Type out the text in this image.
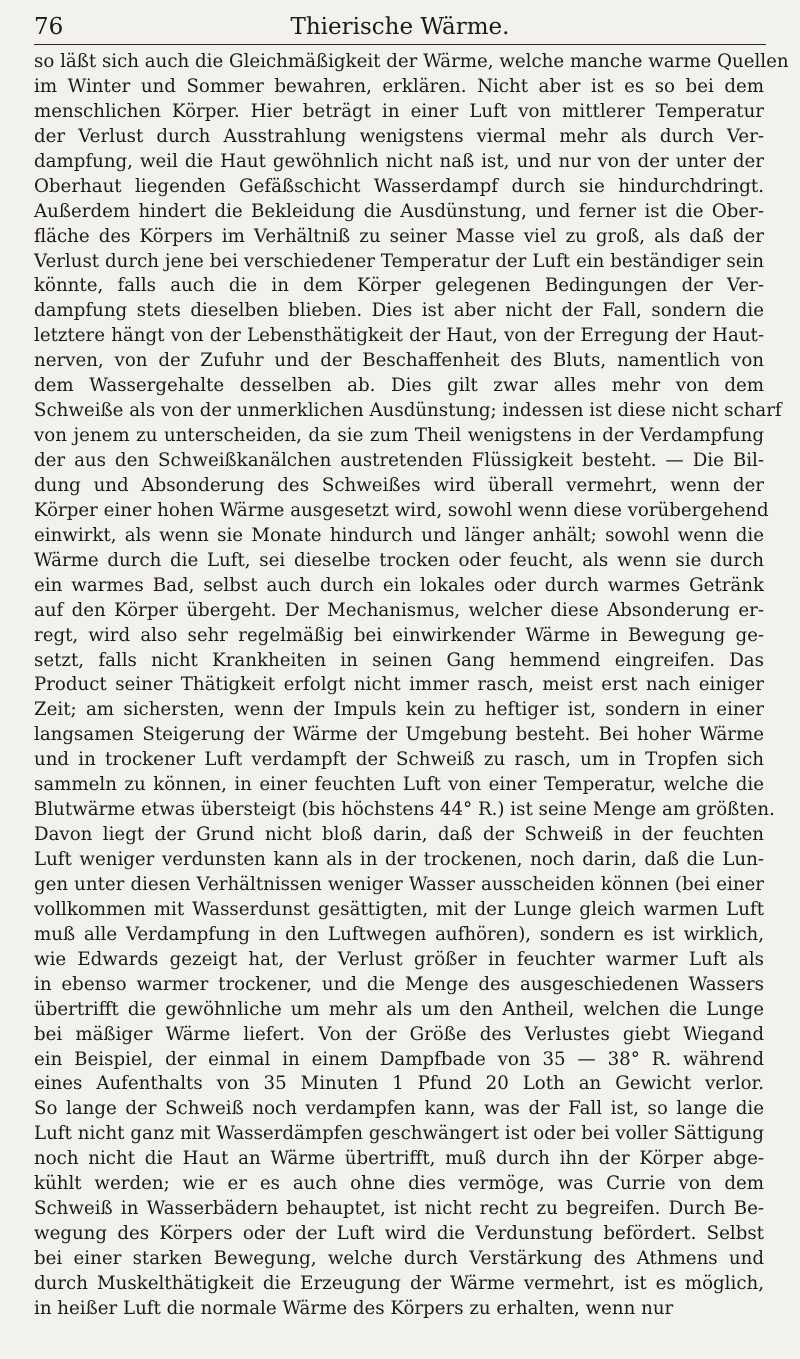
76	Thierische Wärme.
so läßt sich auch die Gleichmäßigkeit der Wärme, welche manche warme Quellen
im Winter und Sommer bewahren, erklären. Nicht aber ist es so bei dem
menschlichen Körper. Hier beträgt in einer Luft von mittlerer Temperatur
der Verlust durch Ausstrahlung wenigstens viermal mehr als durch Ver-
dampfung, weil die Haut gewöhnlich nicht naß ist, und nur von der unter der
Oberhaut liegenden Gefäßschicht Wasserdampf durch sie hindurchdringt.
Außerdem hindert die Bekleidung die Ausdünstung, und ferner ist die Ober-
fläche des Körpers im Verhältniß zu seiner Masse viel zu groß, als daß der
Verlust durch jene bei verschiedener Temperatur der Luft ein beständiger sein
könnte, falls auch die in dem Körper gelegenen Bedingungen der Ver-
dampfung stets dieselben blieben. Dies ist aber nicht der Fall, sondern die
letztere hängt von der Lebensthätigkeit der Haut, von der Erregung der Haut-
nerven, von der Zufuhr und der Beschaffenheit des Bluts, namentlich von
dem Wassergehalte desselben ab. Dies gilt zwar alles mehr von dem
Schweiße als von der unmerklichen Ausdünstung; indessen ist diese nicht scharf
von jenem zu unterscheiden, da sie zum Theil wenigstens in der Verdampfung
der aus den Schweißkanälchen austretenden Flüssigkeit besteht. — Die Bil-
dung und Absonderung des Schweißes wird überall vermehrt, wenn der
Körper einer hohen Wärme ausgesetzt wird, sowohl wenn diese vorübergehend
einwirkt, als wenn sie Monate hindurch und länger anhält; sowohl wenn die
Wärme durch die Luft, sei dieselbe trocken oder feucht, als wenn sie durch
ein warmes Bad, selbst auch durch ein lokales oder durch warmes Getränk
auf den Körper übergeht. Der Mechanismus, welcher diese Absonderung er-
regt, wird also sehr regelmäßig bei einwirkender Wärme in Bewegung ge-
setzt, falls nicht Krankheiten in seinen Gang hemmend eingreifen. Das
Product seiner Thätigkeit erfolgt nicht immer rasch, meist erst nach einiger
Zeit; am sichersten, wenn der Impuls kein zu heftiger ist, sondern in einer
langsamen Steigerung der Wärme der Umgebung besteht. Bei hoher Wärme
und in trockener Luft verdampft der Schweiß zu rasch, um in Tropfen sich
sammeln zu können, in einer feuchten Luft von einer Temperatur, welche die
Blutwärme etwas übersteigt (bis höchstens 44° R.) ist seine Menge am größten.
Davon liegt der Grund nicht bloß darin, daß der Schweiß in der feuchten
Luft weniger verdunsten kann als in der trockenen, noch darin, daß die Lun-
gen unter diesen Verhältnissen weniger Wasser ausscheiden können (bei einer
vollkommen mit Wasserdunst gesättigten, mit der Lunge gleich warmen Luft
muß alle Verdampfung in den Luftwegen aufhören), sondern es ist wirklich,
wie Edwards gezeigt hat, der Verlust größer in feuchter warmer Luft als
in ebenso warmer trockener, und die Menge des ausgeschiedenen Wassers
übertrifft die gewöhnliche um mehr als um den Antheil, welchen die Lunge
bei mäßiger Wärme liefert. Von der Größe des Verlustes giebt Wiegand
ein Beispiel, der einmal in einem Dampfbade von 35 — 38° R. während
eines Aufenthalts von 35 Minuten 1 Pfund 20 Loth an Gewicht verlor.
So lange der Schweiß noch verdampfen kann, was der Fall ist, so lange die
Luft nicht ganz mit Wasserdämpfen geschwängert ist oder bei voller Sättigung
noch nicht die Haut an Wärme übertrifft, muß durch ihn der Körper abge-
kühlt werden; wie er es auch ohne dies vermöge, was Currie von dem
Schweiß in Wasserbädern behauptet, ist nicht recht zu begreifen. Durch Be-
wegung des Körpers oder der Luft wird die Verdunstung befördert. Selbst
bei einer starken Bewegung, welche durch Verstärkung des Athmens und
durch Muskelthätigkeit die Erzeugung der Wärme vermehrt, ist es möglich,
in heißer Luft die normale Wärme des Körpers zu erhalten, wenn nur
